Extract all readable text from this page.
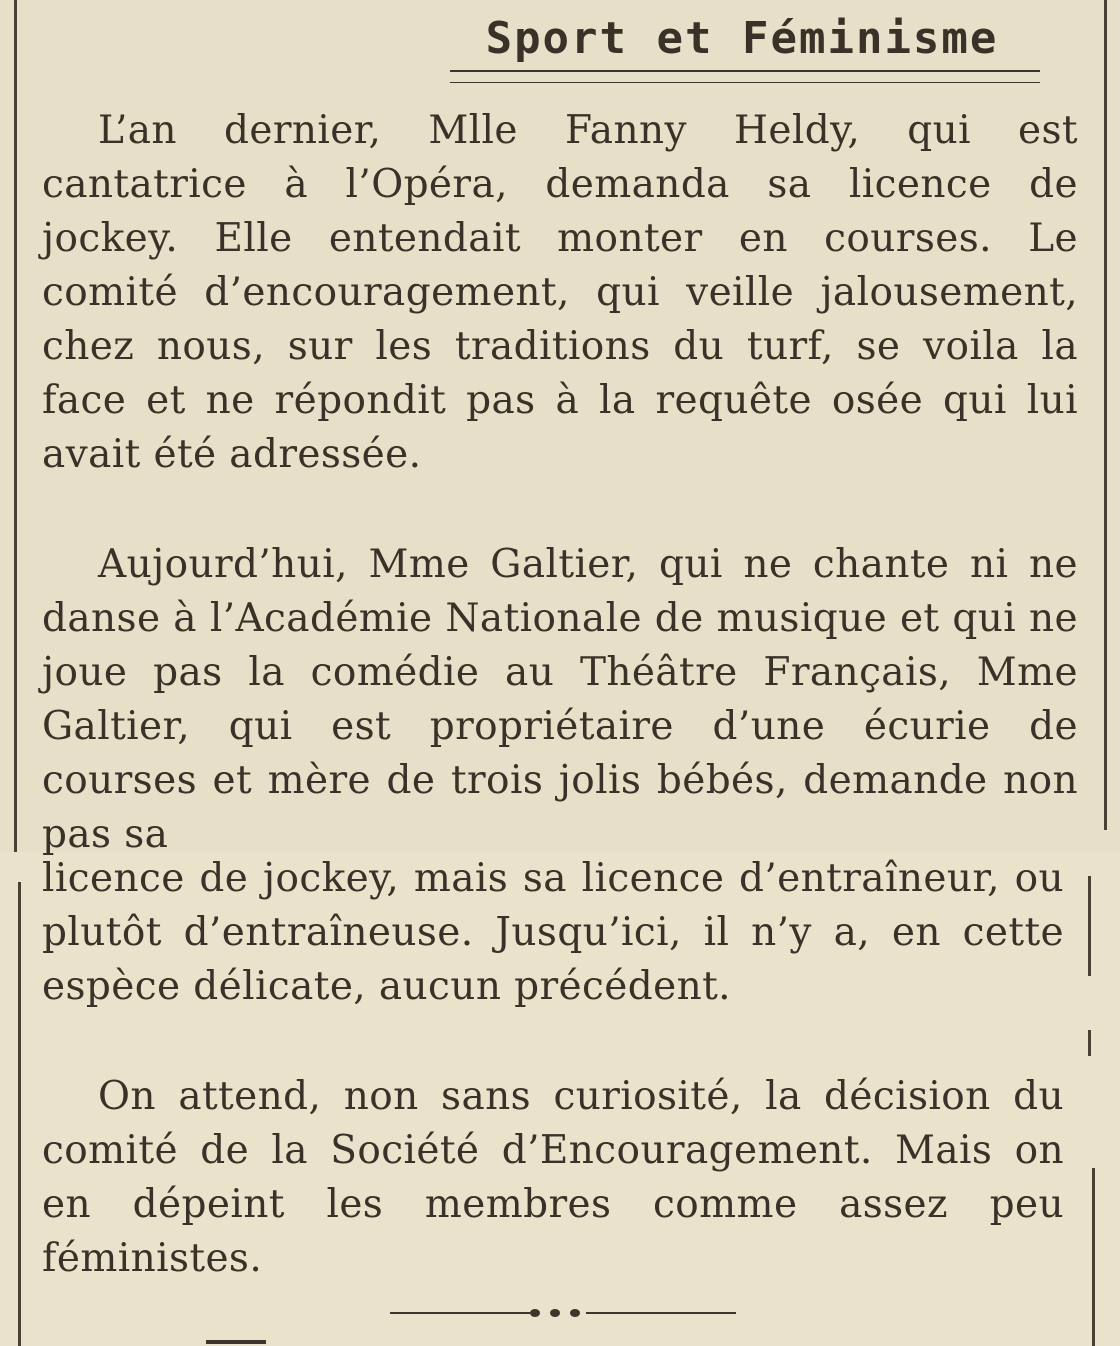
Sport et Féminisme

L’an dernier, Mlle Fanny Heldy, qui est cantatrice à l’Opéra, demanda sa licence de jockey. Elle entendait monter en courses. Le comité d’encouragement, qui veille jalousement, chez nous, sur les traditions du turf, se voila la face et ne répondit pas à la requête osée qui lui avait été adressée.

Aujourd’hui, Mme Galtier, qui ne chante ni ne danse à l’Académie Nationale de musique et qui ne joue pas la comédie au Théâtre Français, Mme Galtier, qui est propriétaire d’une écurie de courses et mère de trois jolis bébés, demande non pas sa

licence de jockey, mais sa licence d’entraîneur, ou plutôt d’entraîneuse. Jusqu’ici, il n’y a, en cette espèce délicate, aucun précédent.

On attend, non sans curiosité, la décision du comité de la Société d’Encouragement. Mais on en dépeint les membres comme assez peu féministes.
